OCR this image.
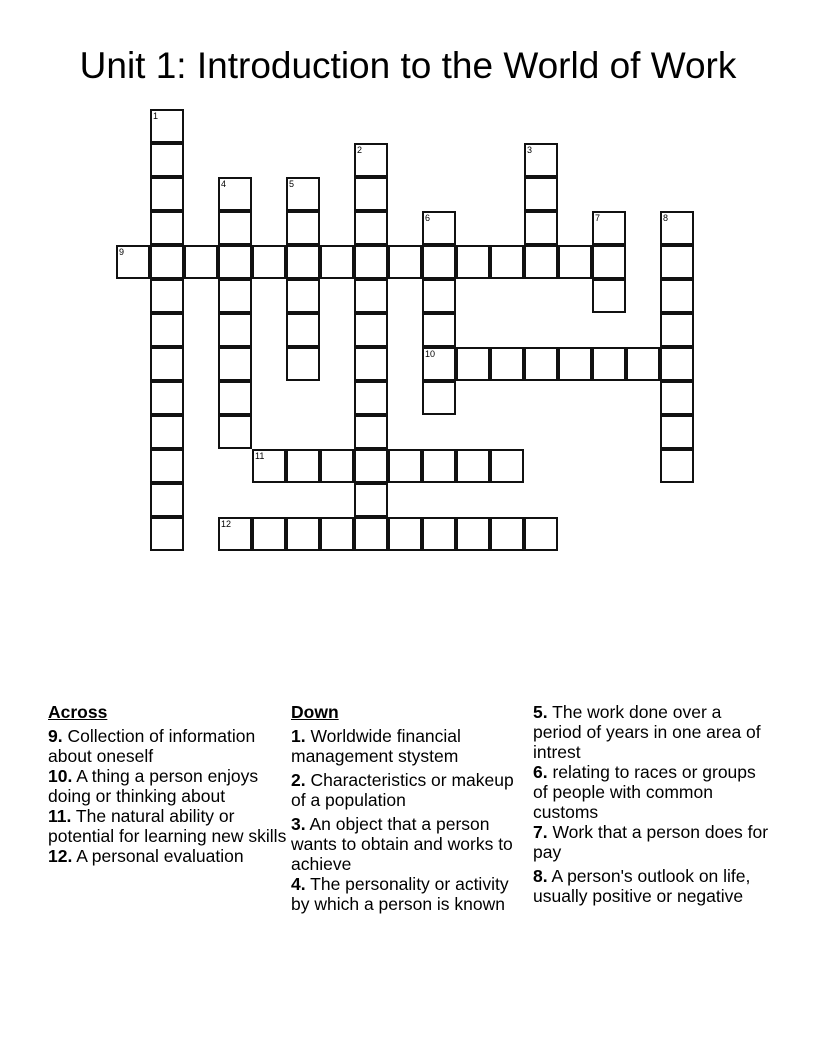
Unit 1: Introduction to the World of Work
1
2	3
4	5
6
10
7	8
9
11
12
Across
9. Collection of information about oneself
10. A thing a person enjoys doing or thinking about
11. The natural ability or potential for learning new skills
12. A personal evaluation
Down
1. Worldwide financial management stystem
2. Characteristics or makeup of a population
3. An object that a person wants to obtain and works to achieve
4. The personality or activity by which a person is known
5. The work done over a period of years in one area of intrest
6. relating to races or groups of people with common customs
7. Work that a person does for pay
8. A person's outlook on life, usually positive or negative
